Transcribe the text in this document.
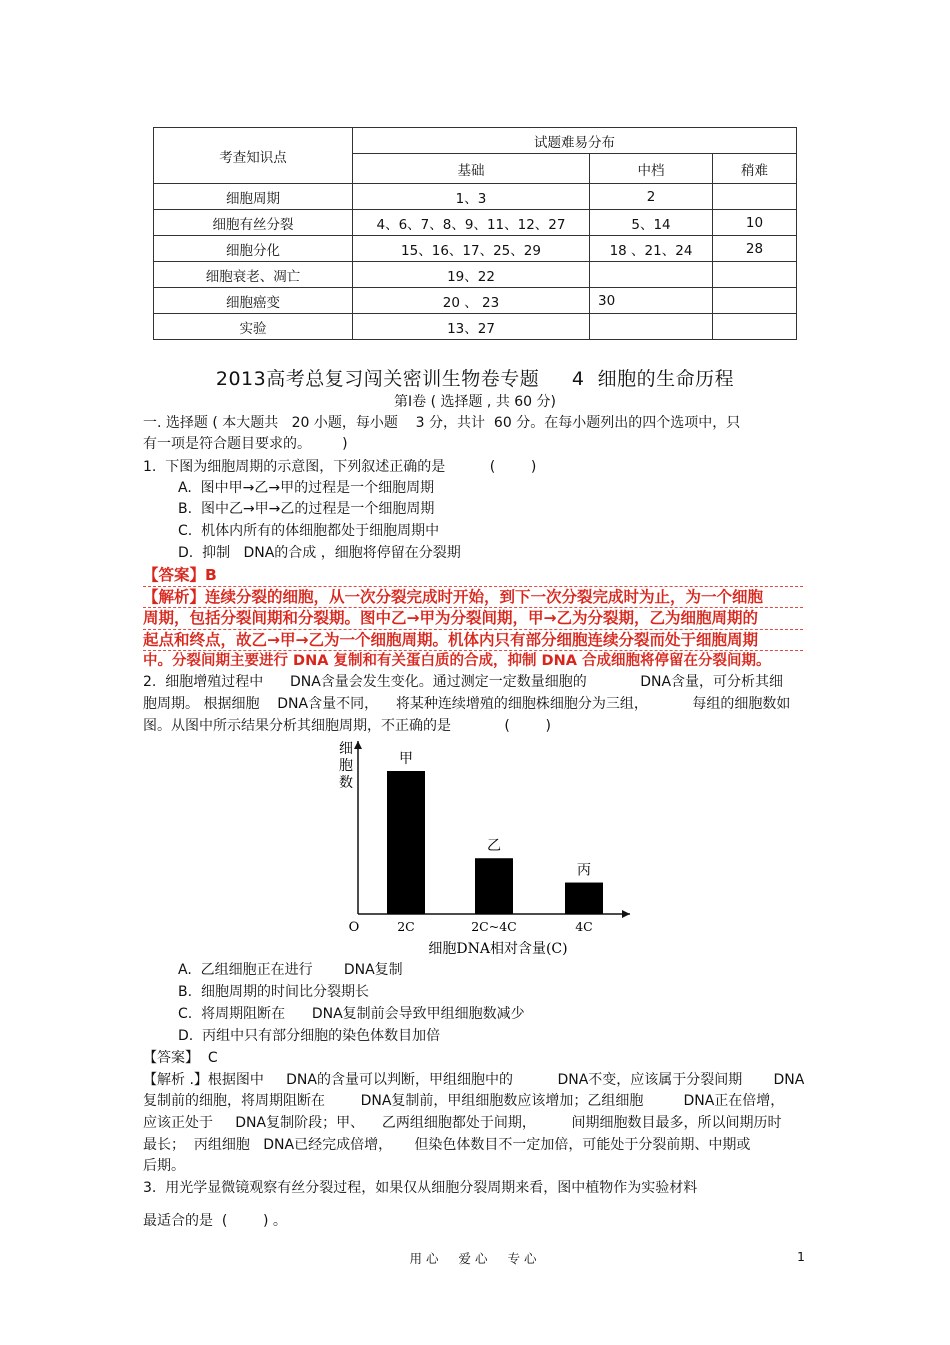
考查知识点	试题难易分布		
	基础	中档	稍难
细胞周期	1、3	2	
细胞有丝分裂	4、6、7、8、9、11、12、27	5、14	10
细胞分化	15、16、17、25、29	18 、21、24	28
细胞衰老、凋亡	19、22		
细胞癌变	20 、 23	30	
实验	13、27		
2013高考总复习闯关密训生物卷专题     4  细胞的生命历程
第Ⅰ卷 ( 选择题 , 共 60 分)
一. 选择题 ( 本大题共   20 小题，每小题    3 分，共计  60 分。在每小题列出的四个选项中，只
有一项是符合题目要求的。       )
1.  下图为细胞周期的示意图，下列叙述正确的是          (        )
A.  图中甲→乙→甲的过程是一个细胞周期
B.  图中乙→甲→乙的过程是一个细胞周期
C.  机体内所有的体细胞都处于细胞周期中
D.  抑制   DNA的合成 ，细胞将停留在分裂期
【答案】B
【解析】连续分裂的细胞，从一次分裂完成时开始，到下一次分裂完成时为止，为一个细胞
周期，包括分裂间期和分裂期。图中乙→甲为分裂间期，甲→乙为分裂期，乙为细胞周期的
起点和终点，故乙→甲→乙为一个细胞周期。机体内只有部分细胞连续分裂而处于细胞周期
中。分裂间期主要进行 DNA 复制和有关蛋白质的合成，抑制 DNA 合成细胞将停留在分裂间期。
2.  细胞增殖过程中      DNA含量会发生变化。通过测定一定数量细胞的            DNA含量，可分析其细
胞周期。 根据细胞    DNA含量不同，    将某种连续增殖的细胞株细胞分为三组，          每组的细胞数如
图。从图中所示结果分析其细胞周期，不正确的是            (        )
细
胞
数
O
甲
2C
乙
2C~4C
丙
4C
细胞DNA相对含量(C)
A.  乙组细胞正在进行       DNA复制
B.  细胞周期的时间比分裂期长
C.  将周期阻断在      DNA复制前会导致甲组细胞数减少
D.  丙组中只有部分细胞的染色体数目加倍
【答案】  C
【解析 .】根据图中     DNA的含量可以判断，甲组细胞中的          DNA不变，应该属于分裂间期       DNA
复制前的细胞，将周期阻断在        DNA复制前，甲组细胞数应该增加；乙组细胞         DNA正在倍增，
应该正处于     DNA复制阶段；甲、    乙两组细胞都处于间期，        间期细胞数目最多，所以间期历时
最长；  丙组细胞   DNA已经完成倍增，     但染色体数目不一定加倍，可能处于分裂前期、中期或
后期。
3.  用光学显微镜观察有丝分裂过程，如果仅从细胞分裂周期来看，图中植物作为实验材料
最适合的是  (        ) 。
用心  爱心  专心	1
